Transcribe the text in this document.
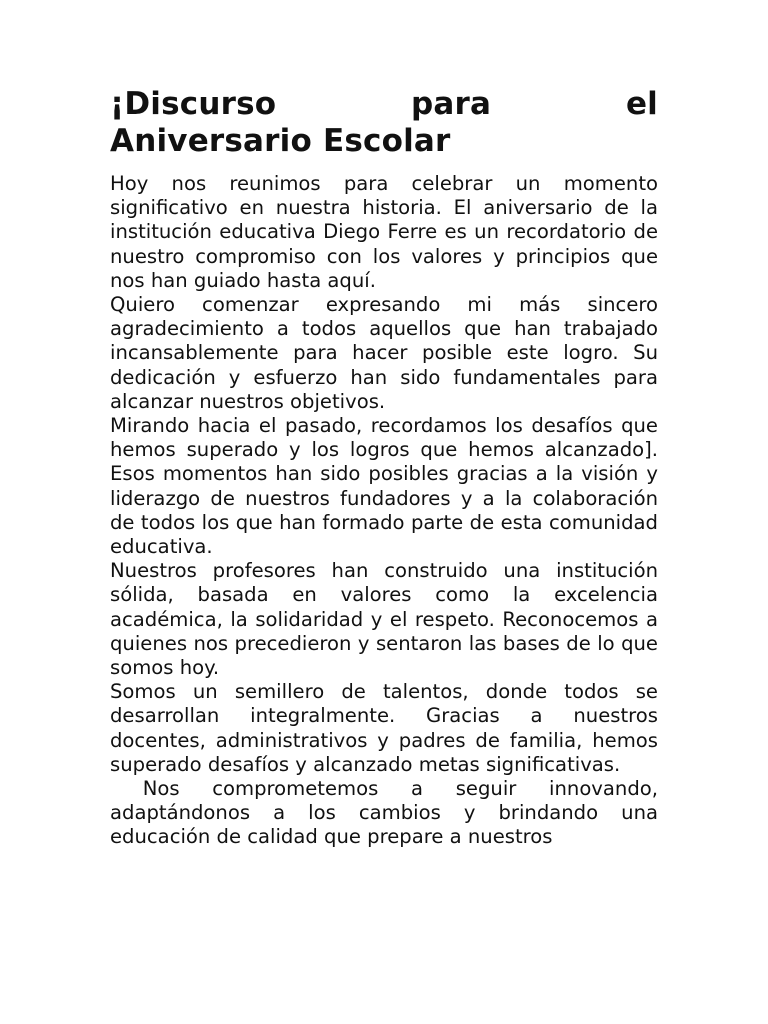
¡Discurso para el
Aniversario Escolar

Hoy nos reunimos para celebrar un momento significativo en nuestra historia. El aniversario de la institución educativa Diego Ferre es un recordatorio de nuestro compromiso con los valores y principios que nos han guiado hasta aquí.

Quiero comenzar expresando mi más sincero agradecimiento a todos aquellos que han trabajado incansablemente para hacer posible este logro. Su dedicación y esfuerzo han sido fundamentales para alcanzar nuestros objetivos.

Mirando hacia el pasado, recordamos los desafíos que hemos superado y los logros que hemos alcanzado]. Esos momentos han sido posibles gracias a la visión y liderazgo de nuestros fundadores y a la colaboración de todos los que han formado parte de esta comunidad educativa.

Nuestros profesores han construido una institución sólida, basada en valores como la excelencia académica, la solidaridad y el respeto. Reconocemos a quienes nos precedieron y sentaron las bases de lo que somos hoy.

Somos un semillero de talentos, donde todos se desarrollan integralmente. Gracias a nuestros docentes, administrativos y padres de familia, hemos superado desafíos y alcanzado metas significativas.

Nos comprometemos a seguir innovando, adaptándonos a los cambios y brindando una educación de calidad que prepare a nuestros
